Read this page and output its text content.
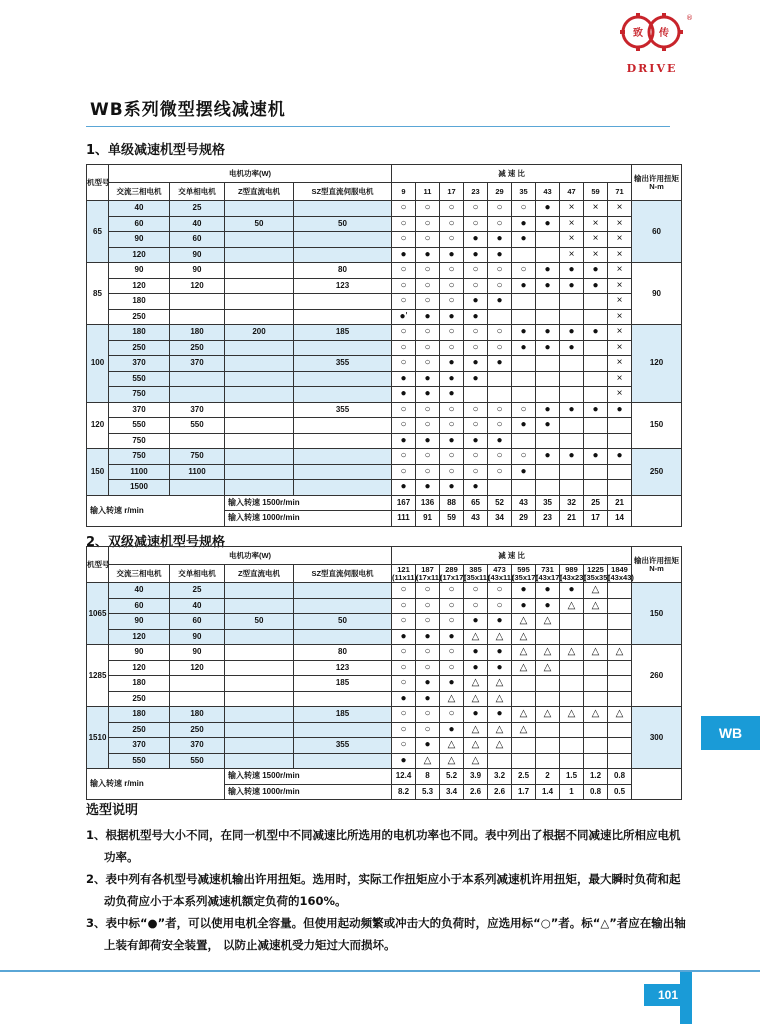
致 传
®
DRIVE
WB系列微型摆线减速机
1、单级减速机型号规格
机型号	电机功率(W)				减 速 比										输出许用扭矩N-m
	交流三相电机	交单相电机	Z型直流电机	SZ型直流伺服电机	9	11	17	23	29	35	43	47	59	71	
65	40	25			○	○	○	○	○	○	●	×	×	×	60
	60	40	50	50	○	○	○	○	○	●	●	×	×	×	
	90	60			○	○	○	●	●	●		×	×	×	
	120	90			●	●	●	●	●			×	×	×	
85	90	90		80	○	○	○	○	○	○	●	●	●	×	90
	120	120		123	○	○	○	○	○	●	●	●	●	×	
	180				○	○	○	●	●					×	
	250				●'	●	●	●						×	
100	180	180	200	185	○	○	○	○	○	●	●	●	●	×	120
	250	250			○	○	○	○	○	●	●	●		×	
	370	370		355	○	○	●	●	●					×	
	550				●	●	●	●						×	
	750				●	●	●							×	
120	370	370		355	○	○	○	○	○	○	●	●	●	●	150
	550	550			○	○	○	○	○	●	●				
	750				●	●	●	●	●						
150	750	750			○	○	○	○	○	○	●	●	●	●	250
	1100	1100			○	○	○	○	○	●					
	1500				●	●	●	●							
输入转速 r/min			输入转速 1500r/min		167	136	88	65	52	43	35	32	25	21	
			输入转速 1000r/min		111	91	59	43	34	29	23	21	17	14	
2、双级减速机型号规格
机型号	电机功率(W)				减 速 比										输出许用扭矩N-m
	交流三相电机	交单相电机	Z型直流电机	SZ型直流伺服电机	121 (11x11)	187 (17x11)	289 (17x17)	385 (35x11)	473 (43x11)	595 (35x17)	731 (43x17)	989 (43x23)	1225 (35x35)	1849 (43x43)	
1065	40	25			○	○	○	○	○	●	●	●	△		150
	60	40			○	○	○	○	○	●	●	△	△		
	90	60	50	50	○	○	○	●	●	△	△				
	120	90			●	●	●	△	△	△					
1285	90	90		80	○	○	○	●	●	△	△	△	△	△	260
	120	120		123	○	○	○	●	●	△	△				
	180			185	○	●	●	△	△						
	250				●	●	△	△	△						
1510	180	180		185	○	○	○	●	●	△	△	△	△	△	300
	250	250			○	○	●	△	△	△					
	370	370		355	○	●	△	△	△						
	550	550			●	△	△	△							
输入转速 r/min			输入转速 1500r/min		12.4	8	5.2	3.9	3.2	2.5	2	1.5	1.2	0.8	
			输入转速 1000r/min		8.2	5.3	3.4	2.6	2.6	1.7	1.4	1	0.8	0.5	
选型说明
1、根据机型号大小不同，在同一机型中不同减速比所选用的电机功率也不同。表中列出了根据不同减速比所相应电机功率。
2、表中列有各机型号减速机输出许用扭矩。选用时，实际工作扭矩应小于本系列减速机许用扭矩，最大瞬时负荷和起动负荷应小于本系列减速机额定负荷的160%。
3、表中标“●”者，可以使用电机全容量。但使用起动频繁或冲击大的负荷时，应选用标“○”者。标“△”者应在输出轴上装有卸荷安全装置， 以防止减速机受力矩过大而损坏。
WB
101
